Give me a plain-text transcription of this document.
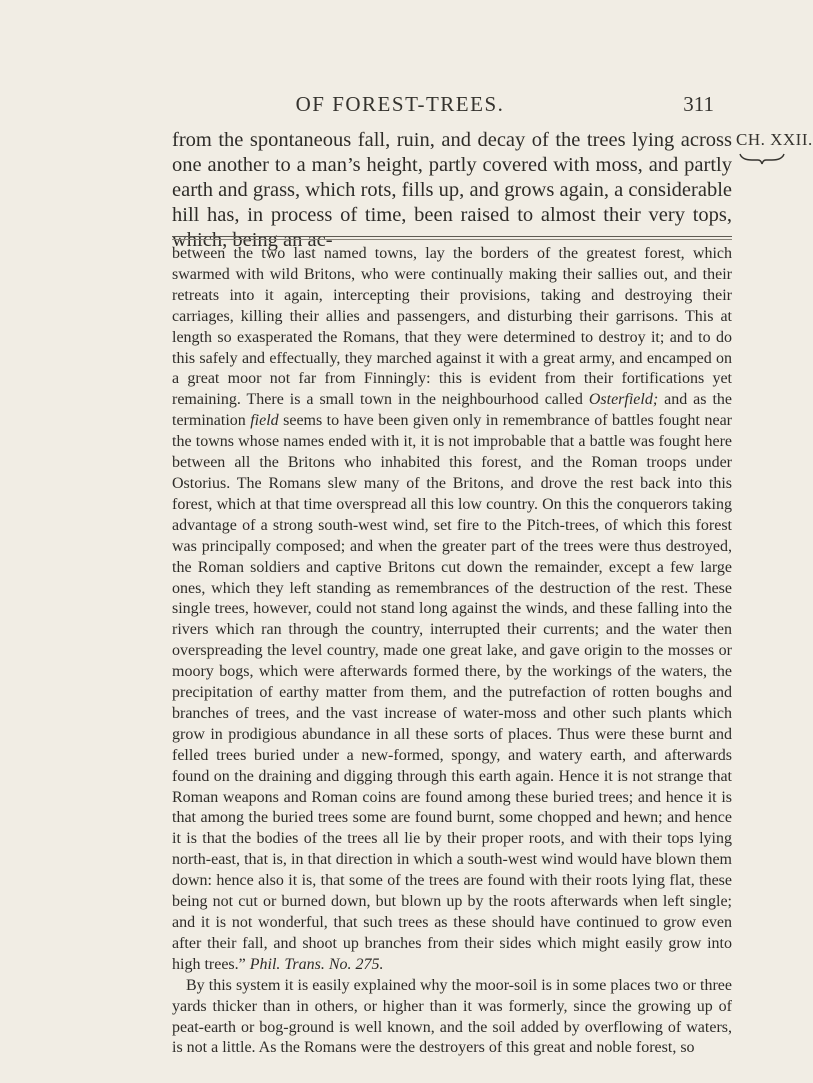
OF FOREST-TREES.	311
from the spontaneous fall, ruin, and decay of the trees lying across one another to a man’s height, partly covered with moss, and partly earth and grass, which rots, fills up, and grows again, a considerable hill has, in process of time, been raised to almost their very tops, which, being an ac-
CH. XXII.

between the two last named towns, lay the borders of the greatest forest, which swarmed with wild Britons, who were continually making their sallies out, and their retreats into it again, intercepting their provisions, taking and destroying their carriages, killing their allies and passengers, and disturbing their garrisons. This at length so exasperated the Romans, that they were determined to destroy it; and to do this safely and effectually, they marched against it with a great army, and encamped on a great moor not far from Finningly: this is evident from their fortifications yet remaining. There is a small town in the neighbourhood called Osterfield; and as the termination field seems to have been given only in remembrance of battles fought near the towns whose names ended with it, it is not improbable that a battle was fought here between all the Britons who inhabited this forest, and the Roman troops under Ostorius. The Romans slew many of the Britons, and drove the rest back into this forest, which at that time overspread all this low country. On this the conquerors taking advantage of a strong south-west wind, set fire to the Pitch-trees, of which this forest was principally composed; and when the greater part of the trees were thus destroyed, the Roman soldiers and captive Britons cut down the remainder, except a few large ones, which they left standing as remembrances of the destruction of the rest. These single trees, however, could not stand long against the winds, and these falling into the rivers which ran through the country, interrupted their currents; and the water then overspreading the level country, made one great lake, and gave origin to the mosses or moory bogs, which were afterwards formed there, by the workings of the waters, the precipitation of earthy matter from them, and the putrefaction of rotten boughs and branches of trees, and the vast increase of water-moss and other such plants which grow in prodigious abundance in all these sorts of places. Thus were these burnt and felled trees buried under a new-formed, spongy, and watery earth, and afterwards found on the draining and digging through this earth again. Hence it is not strange that Roman weapons and Roman coins are found among these buried trees; and hence it is that among the buried trees some are found burnt, some chopped and hewn; and hence it is that the bodies of the trees all lie by their proper roots, and with their tops lying north-east, that is, in that direction in which a south-west wind would have blown them down: hence also it is, that some of the trees are found with their roots lying flat, these being not cut or burned down, but blown up by the roots afterwards when left single; and it is not wonderful, that such trees as these should have continued to grow even after their fall, and shoot up branches from their sides which might easily grow into high trees.” Phil. Trans. No. 275.

By this system it is easily explained why the moor-soil is in some places two or three yards thicker than in others, or higher than it was formerly, since the growing up of peat-earth or bog-ground is well known, and the soil added by overflowing of waters, is not a little. As the Romans were the destroyers of this great and noble forest, so
